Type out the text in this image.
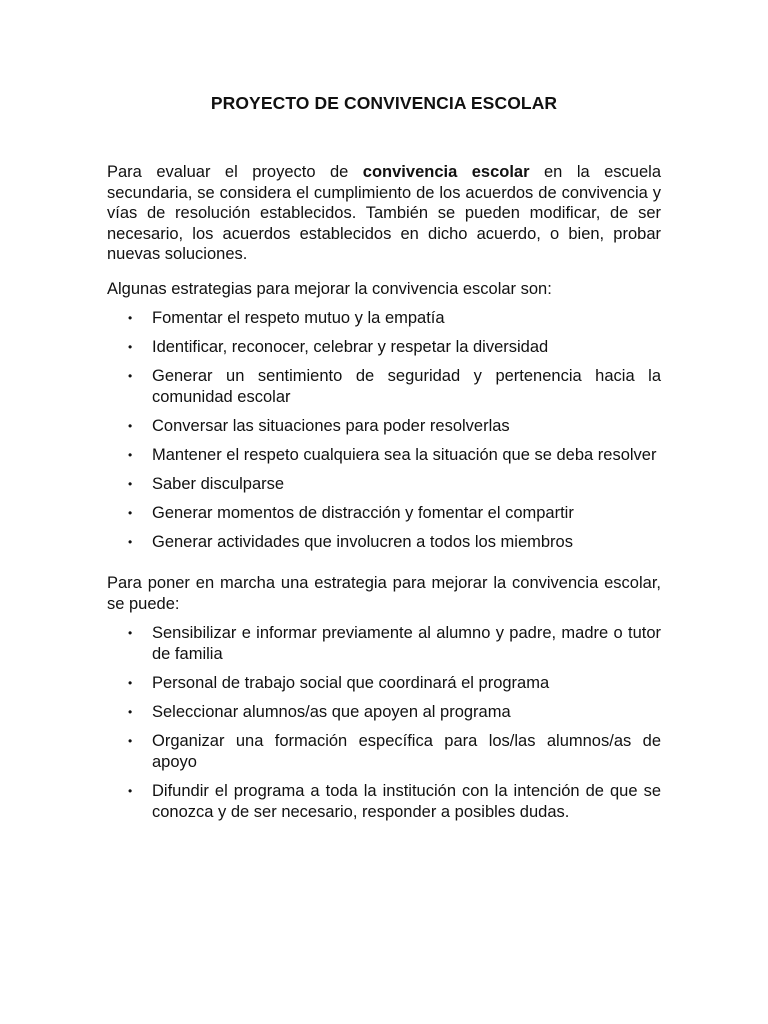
PROYECTO DE CONVIVENCIA ESCOLAR

Para evaluar el proyecto de convivencia escolar en la escuela secundaria, se considera el cumplimiento de los acuerdos de convivencia y vías de resolución establecidos. También se pueden modificar, de ser necesario, los acuerdos establecidos en dicho acuerdo, o bien, probar nuevas soluciones.

Algunas estrategias para mejorar la convivencia escolar son:

• Fomentar el respeto mutuo y la empatía
• Identificar, reconocer, celebrar y respetar la diversidad
• Generar un sentimiento de seguridad y pertenencia hacia la comunidad escolar
• Conversar las situaciones para poder resolverlas
• Mantener el respeto cualquiera sea la situación que se deba resolver
• Saber disculparse
• Generar momentos de distracción y fomentar el compartir
• Generar actividades que involucren a todos los miembros

Para poner en marcha una estrategia para mejorar la convivencia escolar, se puede:

• Sensibilizar e informar previamente al alumno y padre, madre o tutor de familia
• Personal de trabajo social que coordinará el programa
• Seleccionar alumnos/as que apoyen al programa
• Organizar una formación específica para los/las alumnos/as de apoyo
• Difundir el programa a toda la institución con la intención de que se conozca y de ser necesario, responder a posibles dudas.
